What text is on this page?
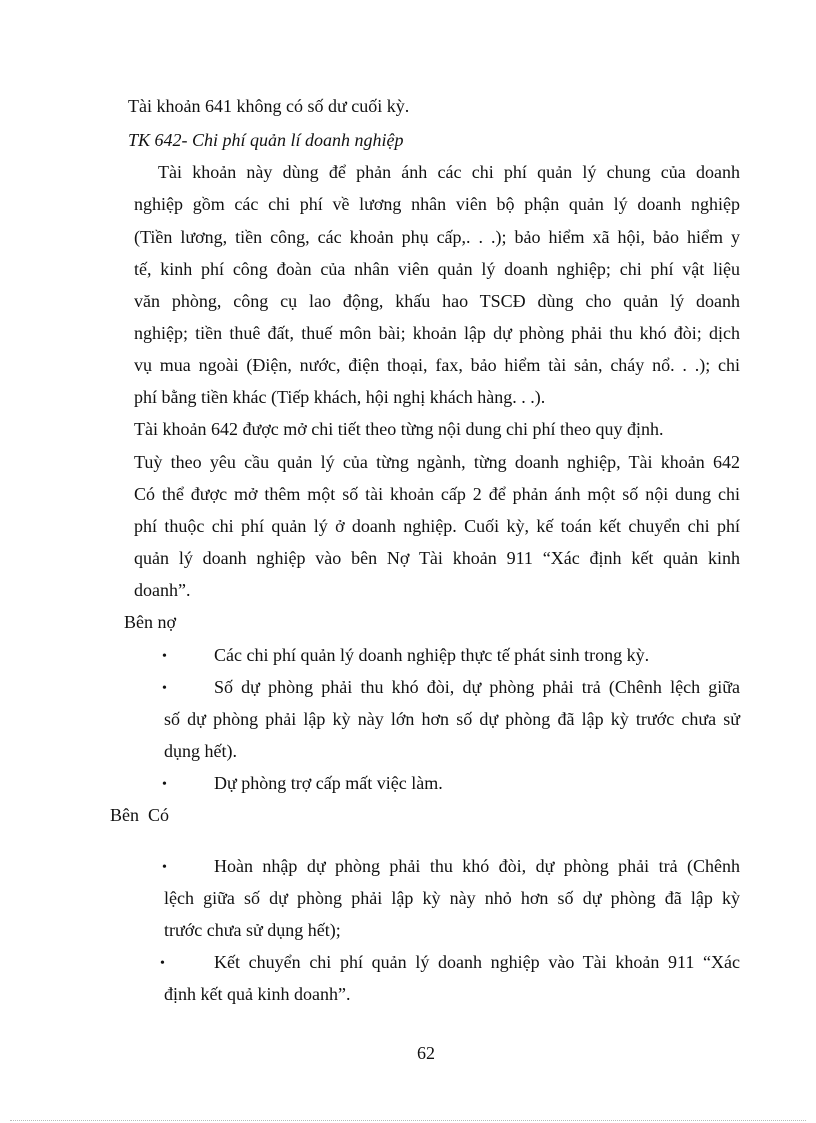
Tài khoản 641 không có số dư cuối kỳ.
TK 642- Chi phí quản lí doanh nghiệp
Tài khoản này dùng để phản ánh các chi phí quản lý chung của doanh
nghiệp gồm các chi phí về lương nhân viên bộ phận quản lý doanh nghiệp
(Tiền lương, tiền công, các khoản phụ cấp,. . .); bảo hiểm xã hội, bảo hiểm y
tế, kinh phí công đoàn của nhân viên quản lý doanh nghiệp; chi phí vật liệu
văn phòng, công cụ lao động, khấu hao TSCĐ dùng cho quản lý doanh
nghiệp; tiền thuê đất, thuế môn bài; khoản lập dự phòng phải thu khó đòi; dịch
vụ mua ngoài (Điện, nước, điện thoại, fax, bảo hiểm tài sản, cháy nổ. . .); chi
phí bằng tiền khác (Tiếp khách, hội nghị khách hàng. . .).
Tài khoản 642 được mở chi tiết theo từng nội dung chi phí theo quy định.
Tuỳ theo yêu cầu quản lý của từng ngành, từng doanh nghiệp, Tài khoản 642
Có thể được mở thêm một số tài khoản cấp 2 để phản ánh một số nội dung chi
phí thuộc chi phí quản lý ở doanh nghiệp. Cuối kỳ, kế toán kết chuyển chi phí
quản lý doanh nghiệp vào bên Nợ Tài khoản 911 “Xác định kết quản kinh
doanh”.
Bên nợ
•	Các chi phí quản lý doanh nghiệp thực tế phát sinh trong kỳ.
•	Số dự phòng phải thu khó đòi, dự phòng phải trả (Chênh lệch giữa
số dự phòng phải lập kỳ này lớn hơn số dự phòng đã lập kỳ trước chưa sử
dụng hết).
•	Dự phòng trợ cấp mất việc làm.
Bên  Có
•	Hoàn nhập dự phòng phải thu khó đòi, dự phòng phải trả (Chênh
lệch giữa số dự phòng phải lập kỳ này nhỏ hơn số dự phòng đã lập kỳ
trước chưa sử dụng hết);
•	Kết chuyển chi phí quản lý doanh nghiệp vào Tài khoản 911 “Xác
định kết quả kinh doanh”.
62
